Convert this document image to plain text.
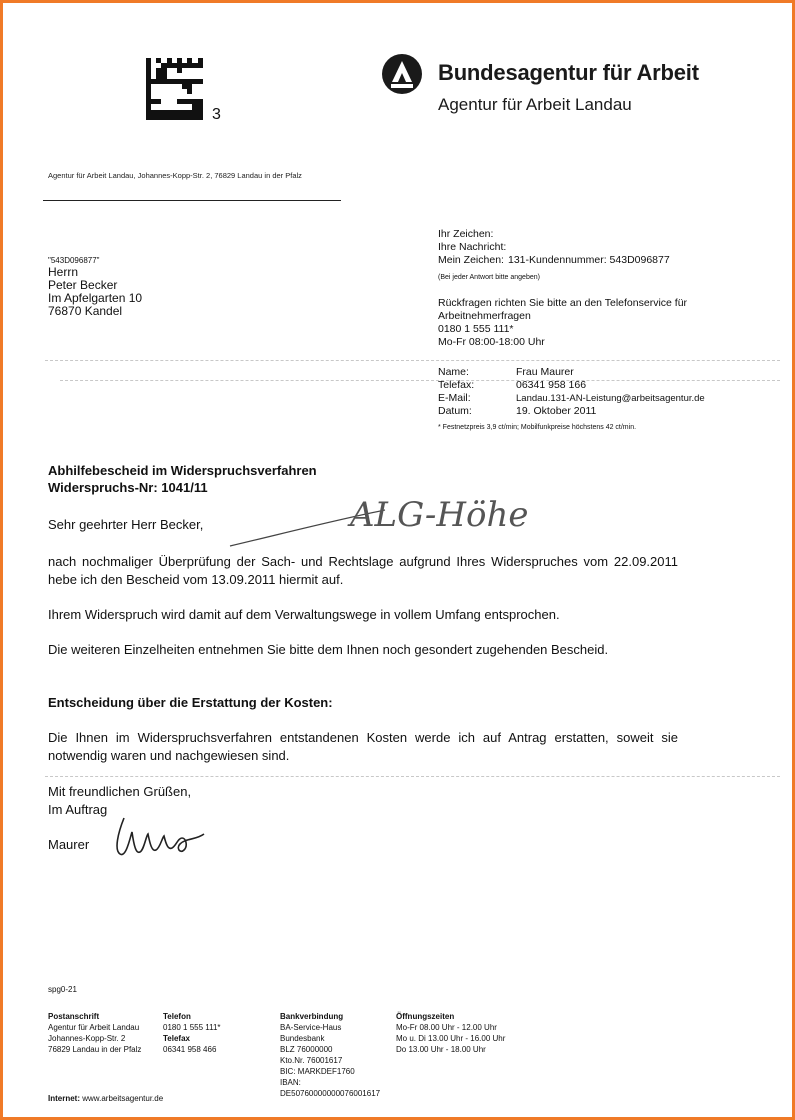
3
Bundesagentur für Arbeit
Agentur für Arbeit Landau
Agentur für Arbeit Landau, Johannes-Kopp-Str. 2, 76829 Landau in der Pfalz
"543D096877"
Herrn
Peter Becker
Im Apfelgarten 10
76870 Kandel
Ihr Zeichen:
Ihre Nachricht:
Mein Zeichen: 131-Kundennummer: 543D096877
(Bei jeder Antwort bitte angeben)
Rückfragen richten Sie bitte an den Telefonservice für
Arbeitnehmerfragen
0180 1 555 111*
Mo-Fr 08:00-18:00 Uhr
Name:	Frau Maurer
Telefax:	06341 958 166
E-Mail:	Landau.131-AN-Leistung@arbeitsagentur.de
Datum:	19. Oktober 2011
* Festnetzpreis 3,9 ct/min; Mobilfunkpreise höchstens 42 ct/min.
Abhilfebescheid im Widerspruchsverfahren
Widerspruchs-Nr: 1041/11
ALG-Höhe
Sehr geehrter Herr Becker,
nach nochmaliger Überprüfung der Sach- und Rechtslage aufgrund Ihres Widerspruches vom 22.09.2011 hebe ich den Bescheid vom 13.09.2011 hiermit auf.
Ihrem Widerspruch wird damit auf dem Verwaltungswege in vollem Umfang entsprochen.
Die weiteren Einzelheiten entnehmen Sie bitte dem Ihnen noch gesondert zugehenden Bescheid.
Entscheidung über die Erstattung der Kosten:
Die Ihnen im Widerspruchsverfahren entstandenen Kosten werde ich auf Antrag erstatten, soweit sie notwendig waren und nachgewiesen sind.
Mit freundlichen Grüßen,
Im Auftrag
Maurer
spg0-21
Postanschrift
Agentur für Arbeit Landau
Johannes-Kopp-Str. 2
76829 Landau in der Pfalz
Telefon
0180 1 555 111*
Telefax
06341 958 466
Bankverbindung
BA-Service-Haus
Bundesbank
BLZ 76000000
Kto.Nr. 76001617
BIC: MARKDEF1760
IBAN:
DE50760000000076001617
Öffnungszeiten
Mo-Fr 08.00 Uhr - 12.00 Uhr
Mo u. Di 13.00 Uhr - 16.00 Uhr
Do 13.00 Uhr - 18.00 Uhr
Internet: www.arbeitsagentur.de
